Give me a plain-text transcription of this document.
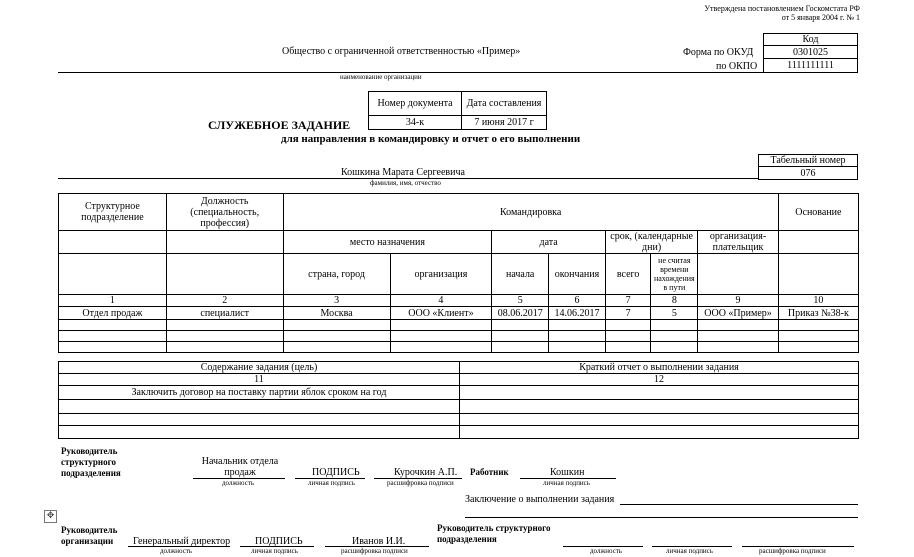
Утверждена постановлением Госкомстата РФ
от 5 января 2004 г. № 1
Код
Форма по ОКУД	0301025
по ОКПО	1111111111
Общество с ограниченной ответственностью «Пример»
наименование организации
Номер документа	Дата составления
34-к	7 июня 2017 г
СЛУЖЕБНОЕ ЗАДАНИЕ
для направления в командировку и отчет о его выполнении
Кошкина Марата Сергеевича
фамилия, имя, отчество
Табельный номер
076
Структурное подразделение	Должность (специальность, профессия)	Командировка	Основание
		место назначения	дата	срок, (календарные дни)	организация-плательщик	
		страна, город	организация	начала	окончания	всего	не считая времени нахождения в пути		
1	2	3	4	5	6	7	8	9	10
Отдел продаж	специалист	Москва	ООО «Клиент»	08.06.2017	14.06.2017	7	5	ООО «Пример»	Приказ №38-к

Содержание задания (цель)	Краткий отчет о выполнении задания
11	12
Заключить договор на поставку партии яблок сроком на год	

Руководитель структурного подразделения
Начальник отдела продаж
должность
ПОДПИСЬ
личная подпись
Курочкин А.П.
расшифровка подписи
Работник	Кошкин
личная подпись
Заключение о выполнении задания
✥
Руководитель организации	Генеральный директор
должность
ПОДПИСЬ
личная подпись
Иванов И.И.
расшифровка подписи
Руководитель структурного подразделения
должность	личная подпись	расшифровка подписи
